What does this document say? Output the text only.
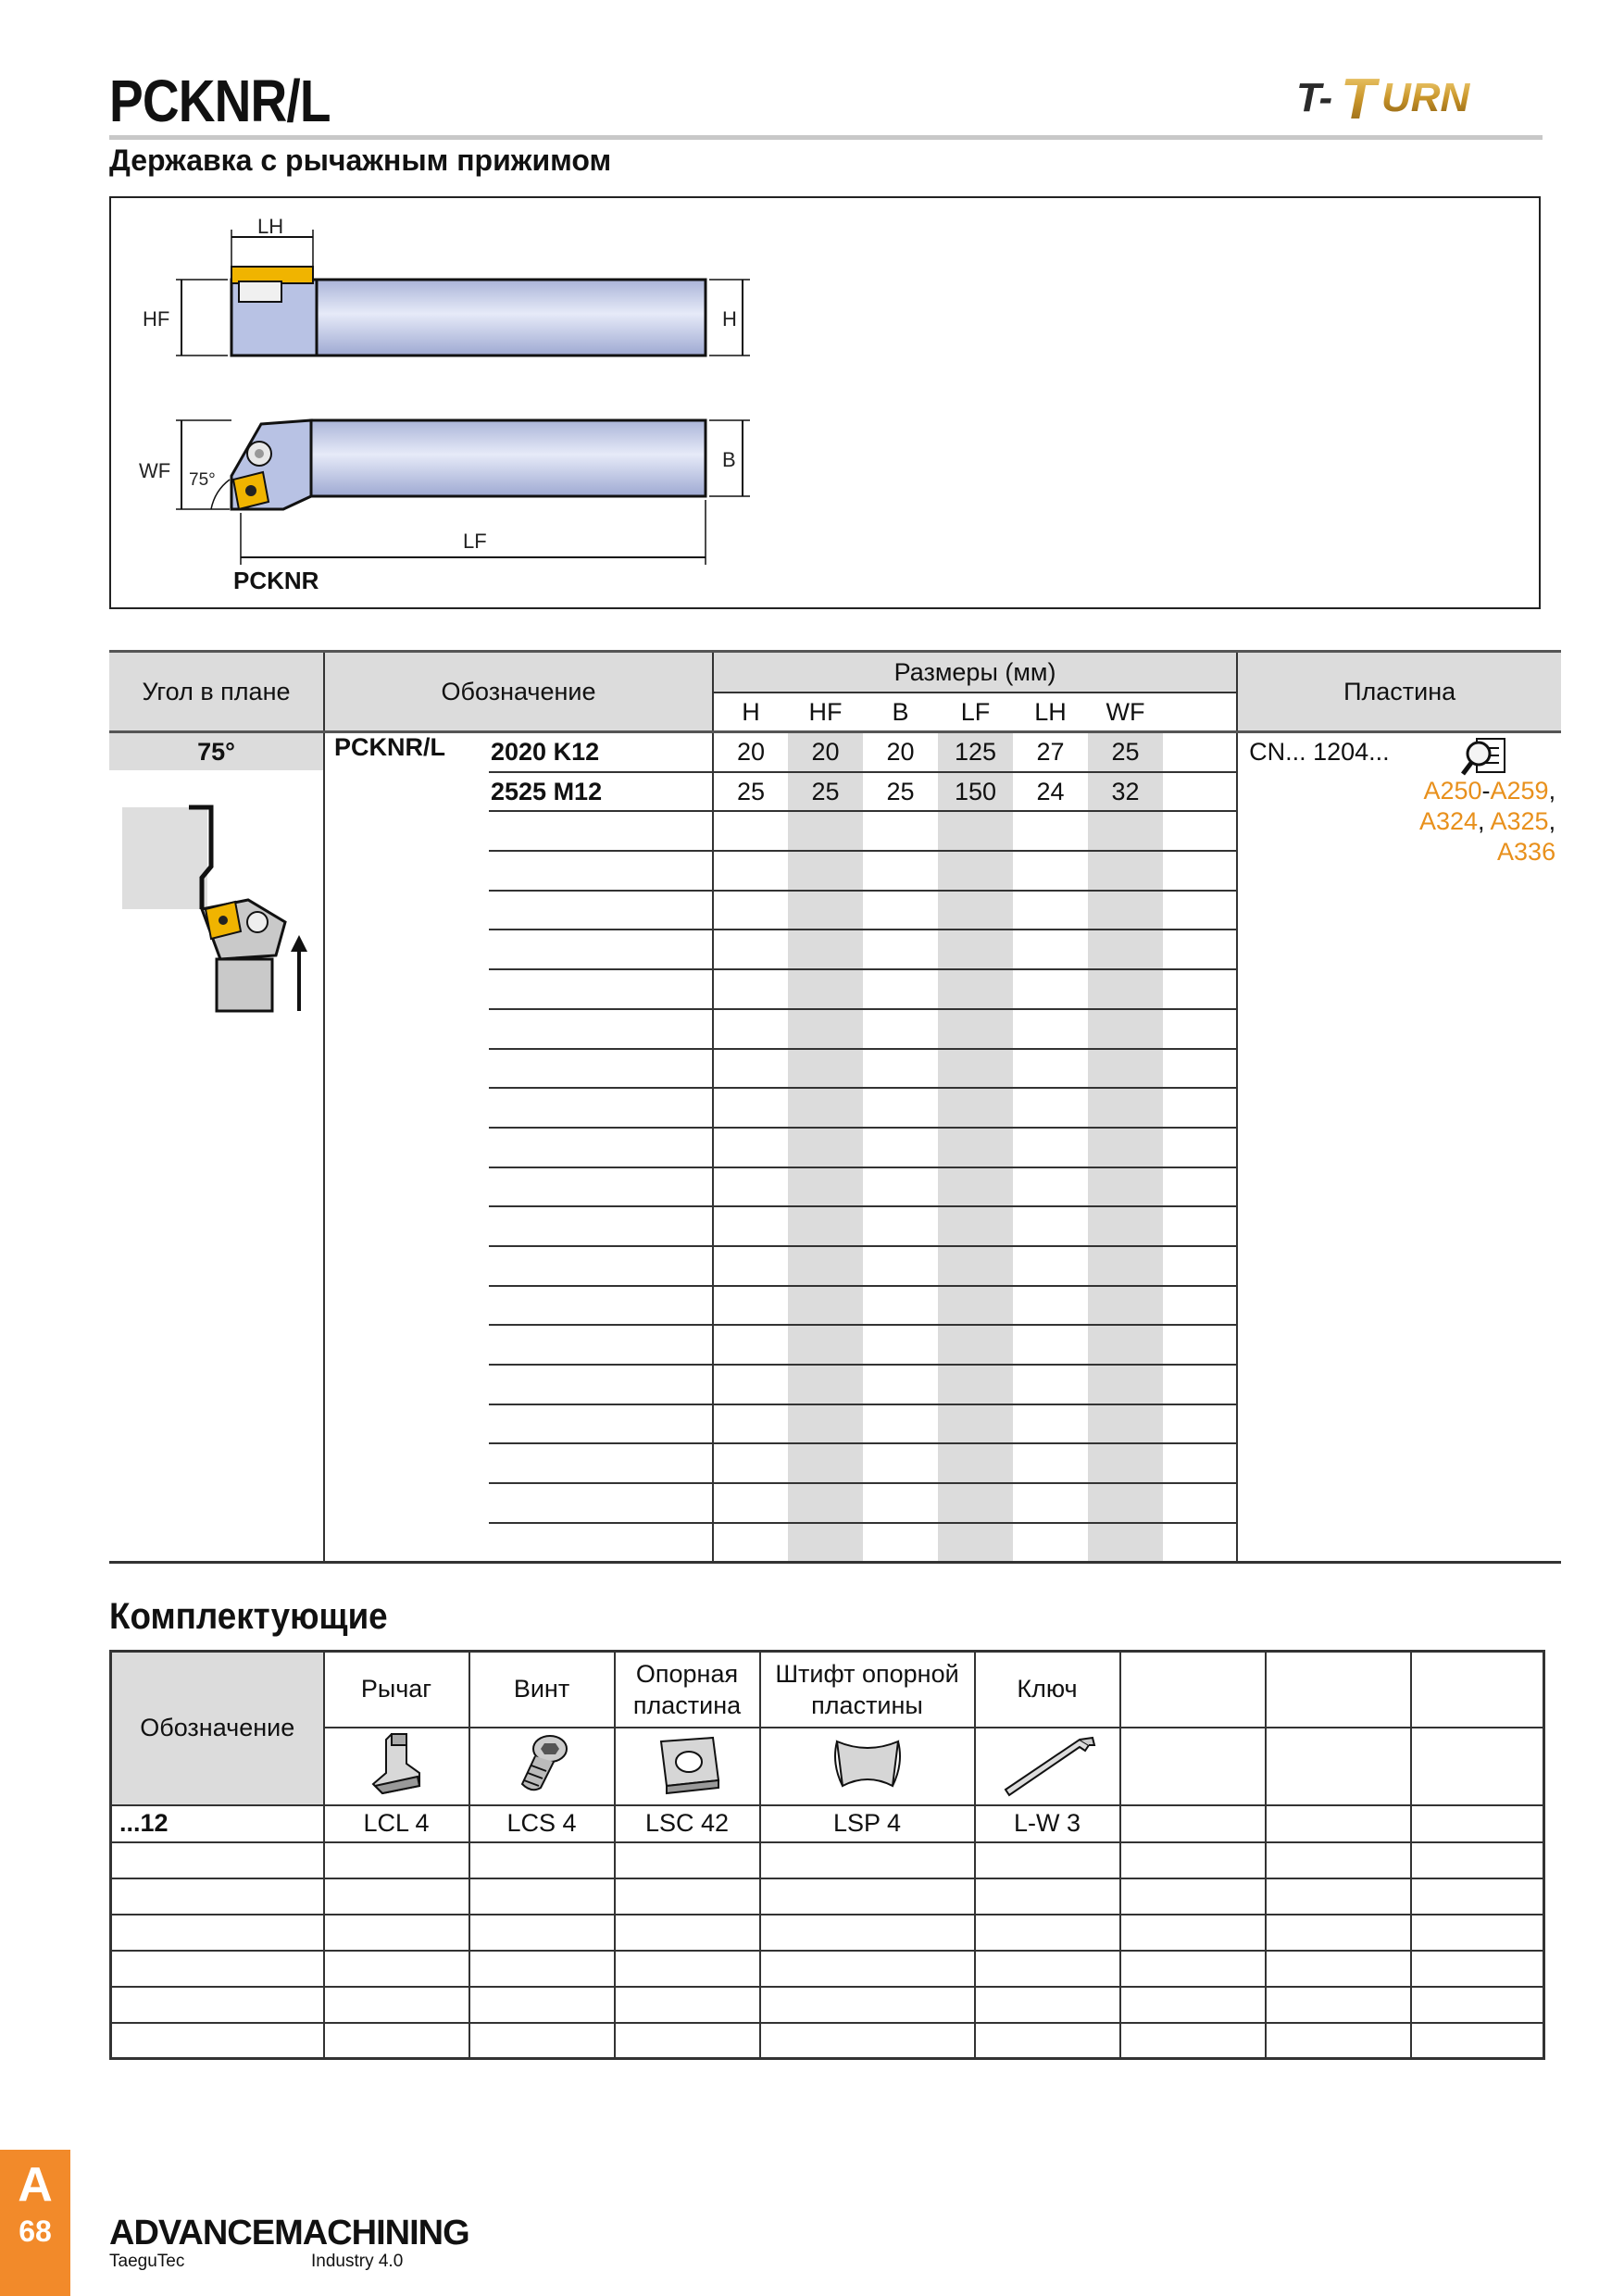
PCKNR/L	T- T URN
Державка с рычажным прижимом
LH
HF	H
WF 75°
B
LF
PCKNR
Угол в плане	Обозначение		Размеры (мм)							Пластина
			H	HF	B	LF	LH	WF		

75°	PCKNR/L	2020 K12	20	20	20	125	27	25		CN... 1204...
A250-A259,
A324, A325,
A336

		2525 M12	25	25	25	150	24	32		

Комплектующие
Обозначение	Рычаг	Винт	Опорная пластина	Штифт опорной пластины	Ключ			

...12	LCL 4	LCS 4	LSC 42	LSP 4	L-W 3			

A
68	ADVANCEMACHINING
TaeguTec	Industry 4.0
